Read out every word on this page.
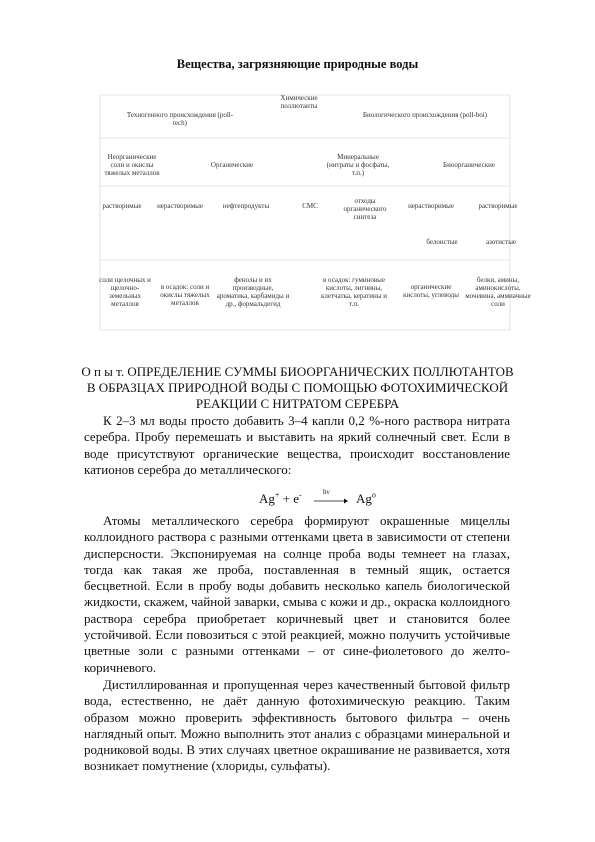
Вещества, загрязняющие природные воды
Химические поллютанты
Техногенного происхождения (poll-tech)
Биологического происхождения (poll-boi)
Неорганические соли и окислы тяжелых металлов
Органические
Минеральные (нитраты и фосфаты, т.п.)
Биоорганические
растворимые	нерастворимые	нефтепродукты	СМС
отходы органического синтеза
нерастворимые	растворимые
белоистые	азотистые
соли щелочных и щелочно-земельных металлов
в осадок: соли и окислы тяжелых металлов
фенолы и их производные, ароматика, карбамиды и др., формальдегид
в осадок: гуминовые кислоты, лигнины, клетчатка, кератины и т.п.
органические кислоты, углеводы
белки, амины, аминокислоты, мочевина, аммиачные соли
О п ы т. ОПРЕДЕЛЕНИЕ СУММЫ БИООРГАНИЧЕСКИХ ПОЛЛЮТАНТОВ В ОБРАЗЦАХ ПРИРОДНОЙ ВОДЫ С ПОМОЩЬЮ ФОТОХИМИЧЕСКОЙ РЕАКЦИИ С НИТРАТОМ СЕРЕБРА

К 2–3 мл воды просто добавить 3–4 капли 0,2 %-ного раствора нитрата серебра. Пробу перемешать и выставить на яркий солнечный свет. Если в воде присутствуют органические вещества, происходит восстановление катионов серебра до металлического:

Ag+ + e-	$h\nu \to Ag^o$

Атомы металлического серебра формируют окрашенные мицеллы коллоидного раствора с разными оттенками цвета в зависимости от степени дисперсности. Экспонируемая на солнце проба воды темнеет на глазах, тогда как такая же проба, поставленная в темный ящик, остается бесцветной. Если в пробу воды добавить несколько капель биологической жидкости, скажем, чайной заварки, смыва с кожи и др., окраска коллоидного раствора серебра приобретает коричневый цвет и становится более устойчивой. Если повозиться с этой реакцией, можно получить устойчивые цветные золи с разными оттенками – от сине-фиолетового до желто-коричневого.

Дистиллированная и пропущенная через качественный бытовой фильтр вода, естественно, не даёт данную фотохимическую реакцию. Таким образом можно проверить эффективность бытового фильтра – очень наглядный опыт. Можно выполнить этот анализ с образцами минеральной и родниковой воды. В этих случаях цветное окрашивание не развивается, хотя возникает помутнение (хлориды, сульфаты).
